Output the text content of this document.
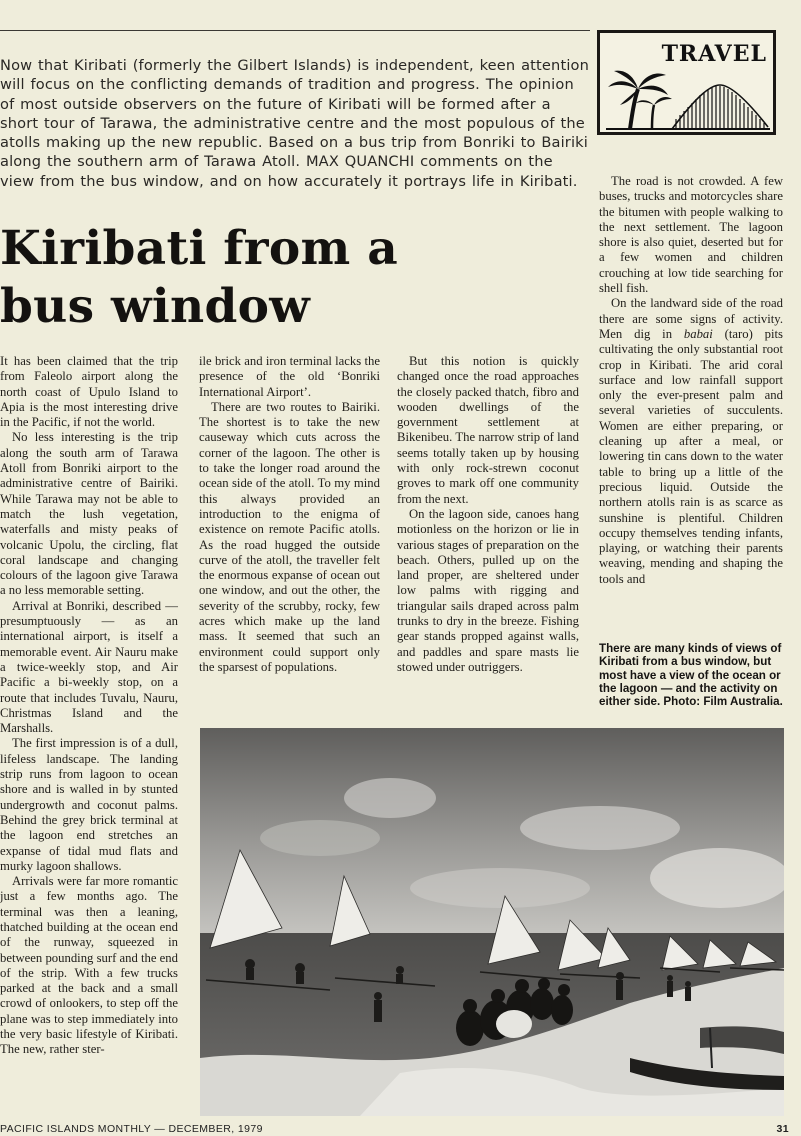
Now that Kiribati (formerly the Gilbert Islands) is independent, keen attention will focus on the conflicting demands of tradition and progress. The opinion of most outside observers on the future of Kiribati will be formed after a short tour of Tarawa, the administrative centre and the most populous of the atolls making up the new republic. Based on a bus trip from Bonriki to Bairiki along the southern arm of Tarawa Atoll. MAX QUANCHI comments on the view from the bus window, and on how accurately it portrays life in Kiribati.

Kiribati from a
bus window
TRAVEL

It has been claimed that the trip from Faleolo airport along the north coast of Upulo Island to Apia is the most interesting drive in the Pacific, if not the world.

No less interesting is the trip along the south arm of Tarawa Atoll from Bonriki airport to the administrative centre of Bairiki. While Tarawa may not be able to match the lush vegetation, waterfalls and misty peaks of volcanic Upolu, the circling, flat coral landscape and changing colours of the lagoon give Tarawa a no less memorable setting.

Arrival at Bonriki, described — presumptuously — as an international airport, is itself a memorable event. Air Nauru make a twice-weekly stop, and Air Pacific a bi-weekly stop, on a route that includes Tuvalu, Nauru, Christmas Island and the Marshalls.

The first impression is of a dull, lifeless landscape. The landing strip runs from lagoon to ocean shore and is walled in by stunted undergrowth and coconut palms. Behind the grey brick terminal at the lagoon end stretches an expanse of tidal mud flats and murky lagoon shallows.

Arrivals were far more romantic just a few months ago. The terminal was then a leaning, thatched building at the ocean end of the runway, squeezed in between pounding surf and the end of the strip. With a few trucks parked at the back and a small crowd of onlookers, to step off the plane was to step immediately into the very basic lifestyle of Kiribati. The new, rather ster-

ile brick and iron terminal lacks the presence of the old ‘Bonriki International Airport’.

There are two routes to Bairiki. The shortest is to take the new causeway which cuts across the corner of the lagoon. The other is to take the longer road around the ocean side of the atoll. To my mind this always provided an introduction to the enigma of existence on remote Pacific atolls. As the road hugged the outside curve of the atoll, the traveller felt the enormous expanse of ocean out one window, and out the other, the severity of the scrubby, rocky, few acres which make up the land mass. It seemed that such an environment could support only the sparsest of populations.

But this notion is quickly changed once the road approaches the closely packed thatch, fibro and wooden dwellings of the government settlement at Bikenibeu. The narrow strip of land seems totally taken up by housing with only rock-strewn coconut groves to mark off one community from the next.

On the lagoon side, canoes hang motionless on the horizon or lie in various stages of preparation on the beach. Others, pulled up on the land proper, are sheltered under low palms with rigging and triangular sails draped across palm trunks to dry in the breeze. Fishing gear stands propped against walls, and paddles and spare masts lie stowed under outriggers.

The road is not crowded. A few buses, trucks and motorcycles share the bitumen with people walking to the next settlement. The lagoon shore is also quiet, deserted but for a few women and children crouching at low tide searching for shell fish.

On the landward side of the road there are some signs of activity. Men dig in babai (taro) pits cultivating the only substantial root crop in Kiribati. The arid coral surface and low rainfall support only the ever-present palm and several varieties of succulents. Women are either preparing, or cleaning up after a meal, or lowering tin cans down to the water table to bring up a little of the precious liquid. Outside the northern atolls rain is as scarce as sunshine is plentiful. Children occupy themselves tending infants, playing, or watching their parents weaving, mending and shaping the tools and

There are many kinds of views of Kiribati from a bus window, but most have a view of the ocean or the lagoon — and the activity on either side. Photo: Film Australia.

PACIFIC ISLANDS MONTHLY — DECEMBER, 1979	31
